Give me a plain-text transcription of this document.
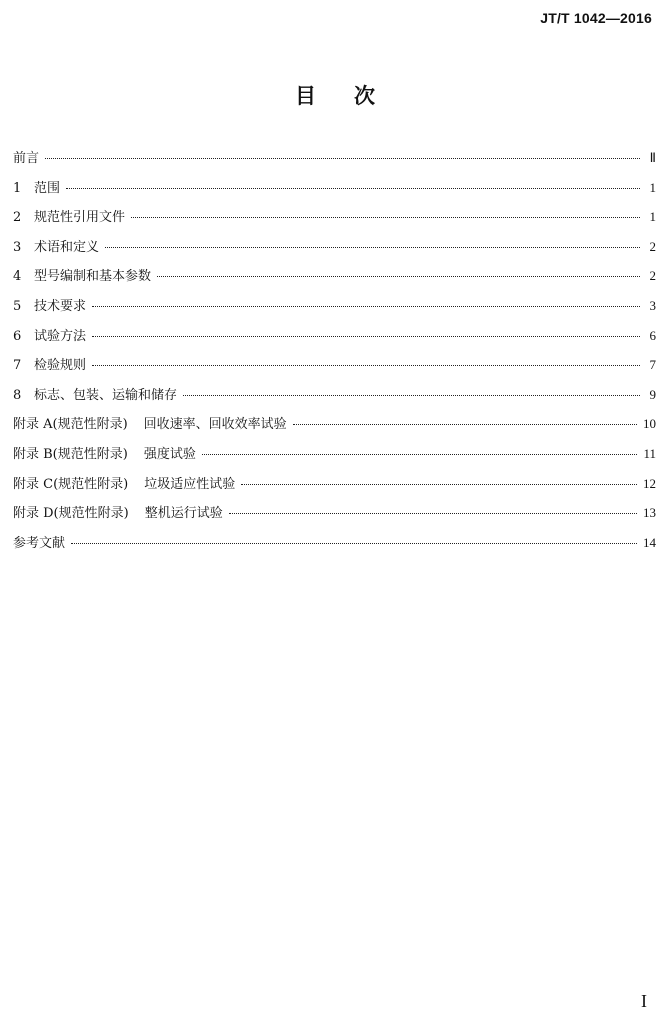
JT/T 1042—2016
目次
前言	Ⅱ
1 范围	1
2 规范性引用文件	1
3 术语和定义	2
4 型号编制和基本参数	2
5 技术要求	3
6 试验方法	6
7 检验规则	7
8 标志、包装、运输和储存	9
附录 A(规范性附录) 回收速率、回收效率试验	10
附录 B(规范性附录) 强度试验	11
附录 C(规范性附录) 垃圾适应性试验	12
附录 D(规范性附录) 整机运行试验	13
参考文献	14
I
